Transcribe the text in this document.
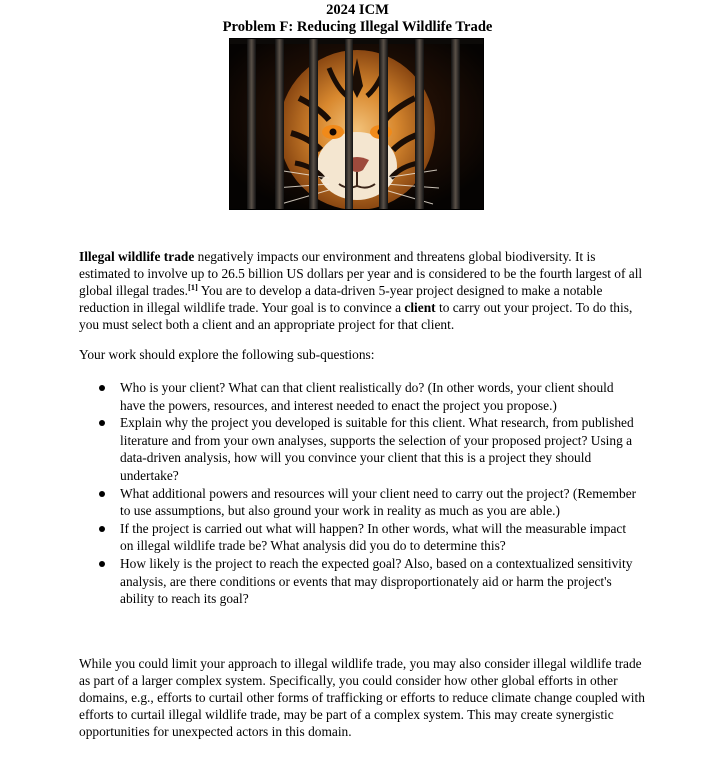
2024 ICM
Problem F: Reducing Illegal Wildlife Trade
Illegal wildlife trade negatively impacts our environment and threatens global biodiversity. It is estimated to involve up to 26.5 billion US dollars per year and is considered to be the fourth largest of all global illegal trades.[1] You are to develop a data-driven 5-year project designed to make a notable reduction in illegal wildlife trade. Your goal is to convince a client to carry out your project. To do this, you must select both a client and an appropriate project for that client.
Your work should explore the following sub-questions:
Who is your client? What can that client realistically do? (In other words, your client should have the powers, resources, and interest needed to enact the project you propose.)
Explain why the project you developed is suitable for this client. What research, from published literature and from your own analyses, supports the selection of your proposed project? Using a data-driven analysis, how will you convince your client that this is a project they should undertake?
What additional powers and resources will your client need to carry out the project? (Remember to use assumptions, but also ground your work in reality as much as you are able.)
If the project is carried out what will happen? In other words, what will the measurable impact on illegal wildlife trade be? What analysis did you do to determine this?
How likely is the project to reach the expected goal? Also, based on a contextualized sensitivity analysis, are there conditions or events that may disproportionately aid or harm the project's ability to reach its goal?
While you could limit your approach to illegal wildlife trade, you may also consider illegal wildlife trade as part of a larger complex system. Specifically, you could consider how other global efforts in other domains, e.g., efforts to curtail other forms of trafficking or efforts to reduce climate change coupled with efforts to curtail illegal wildlife trade, may be part of a complex system. This may create synergistic opportunities for unexpected actors in this domain.
